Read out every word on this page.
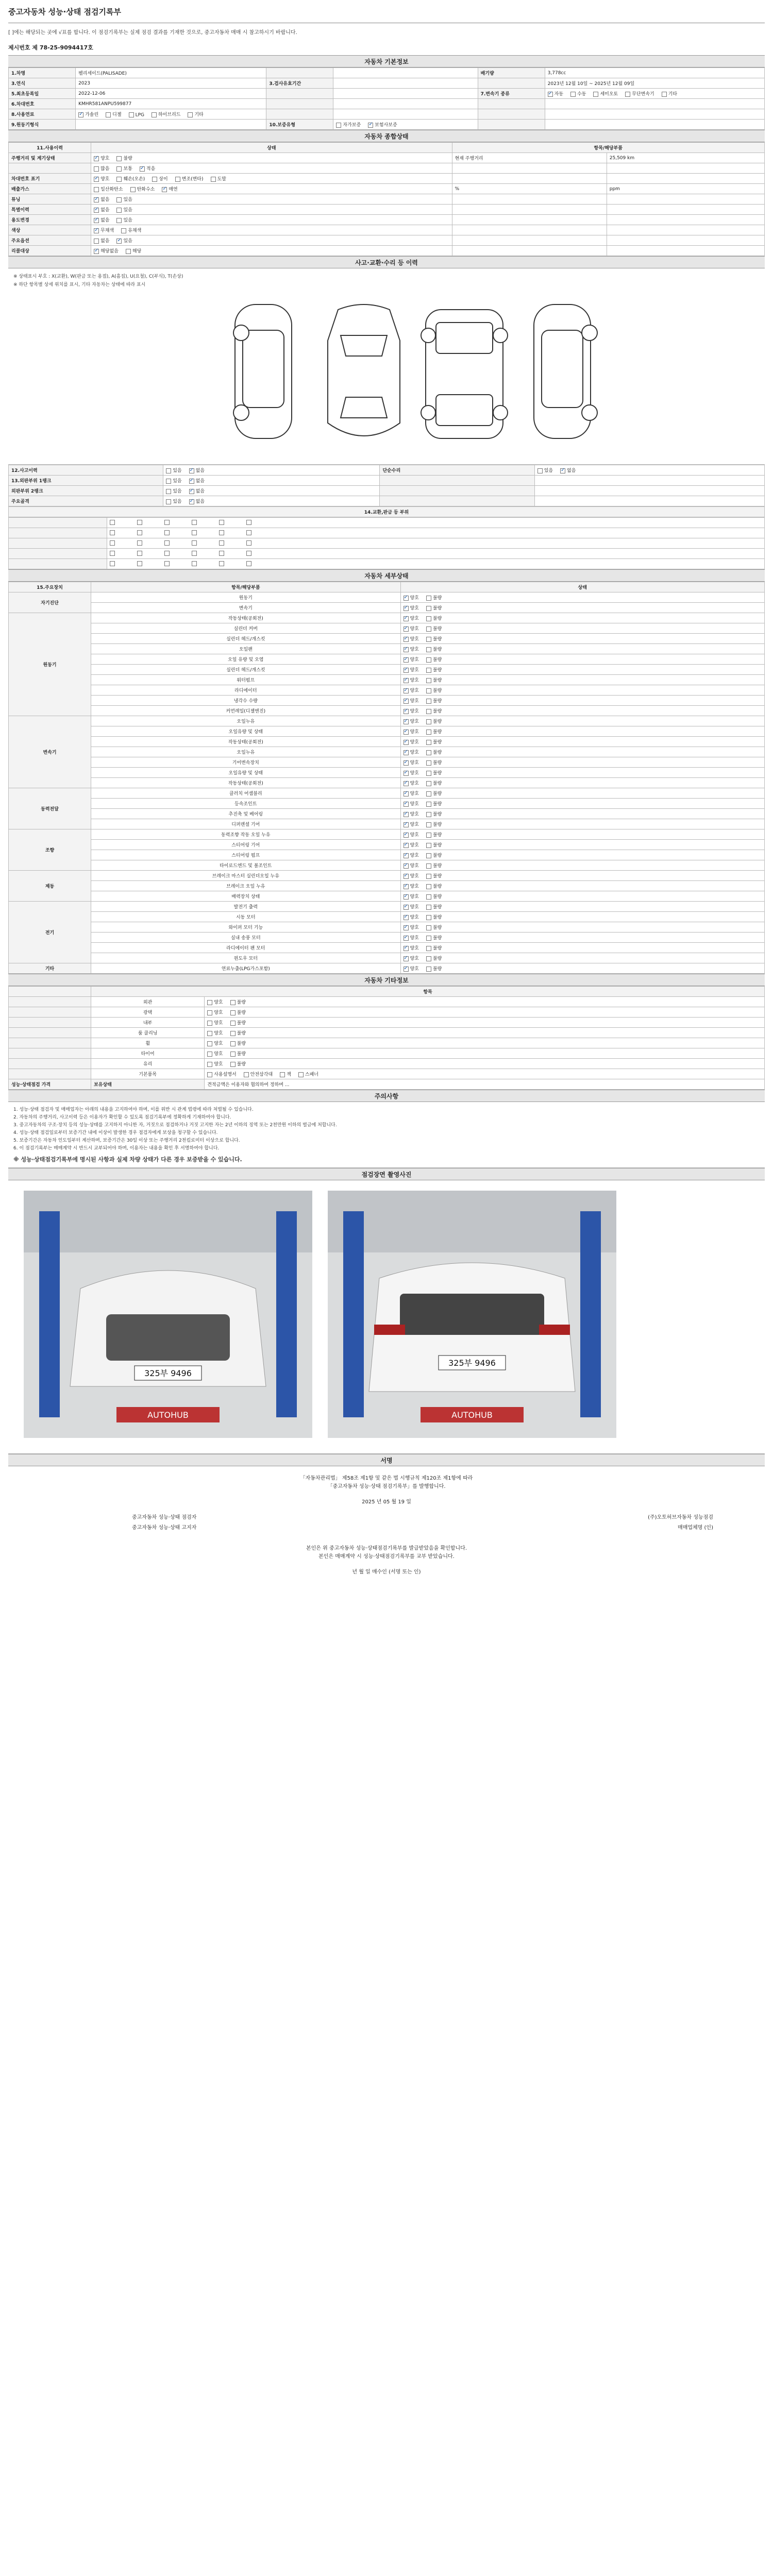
중고자동차 성능·상태 점검기록부
[ ]에는 해당되는 곳에 √표를 합니다. 이 점검기록부는 실제 점검 결과를 기재한 것으로, 중고자동차 매매 시 참고하시기 바랍니다.
제시번호 제
78-25-9094417호
자동차 기본정보
1.차명	펠리세이드(PALISADE)			배기량	3,778cc
3.연식	2023	3.검사유효기간			2023년 12월 10일 ~ 2025년 12월 09일
5.최초등록일	2022-12-06			7.변속기 종류	✓자동 수동 세미오토 무단변속기 기타
6.차대번호	KMHR581ANPU599877				
8.사용연료	✓가솔린 디젤 LPG 하이브리드 기타				
9.원동기형식		10.보증유형	자가보증 ✓ 보험사보증		
자동차 종합상태
11.사용이력	상태	항목/해당부품	
주행거리 및 계기상태	✓양호 불량	현재 주행거리	25,509 km
	많음 보통 ✓ 적음		
차대번호 표기	✓양호 훼손(오손) 상이 변조(변타) 도말		
배출가스	일산화탄소 탄화수소 ✓ 매연	%	ppm
튜닝	✓없음 있음		
특별이력	✓없음 있음		
용도변경	✓없음 있음		
색상	✓무채색 유채색		
주요옵션	없음 ✓ 있음		
리콜대상	✓해당없음 해당		
사고·교환·수리 등 이력
※ 상태표시 부호 : X(교환), W(판금 또는 용접), A(흠집), U(요철), C(부식), T(손상)
※ 하단 항목별 상세 위치를 표시, 기타 자동차는 상태에 따라 표시
12.사고이력	있음 ✓ 없음	단순수리	있음 ✓ 없음
13.외판부위 1랭크	있음 ✓ 없음		
외판부위 2랭크	있음 ✓ 없음		
주요골격	있음 ✓ 없음		
14.교환,판금 등 부위

자동차 세부상태
15.주요장치	항목/해당부품	상태
자기진단	원동기	✓양호 불량
	변속기	✓양호 불량
원동기	작동상태(공회전)	✓양호 불량
	실린더 커버	✓양호 불량
	실린더 헤드/개스킷	✓양호 불량
	오일팬	✓양호 불량
	오일 유량 및 오염	✓양호 불량
	실린더 헤드/개스킷	✓양호 불량
	워터펌프	✓양호 불량
	라디에이터	✓양호 불량
	냉각수 수량	✓양호 불량
	커먼레일(디젤엔진)	✓양호 불량
변속기	오일누유	✓양호 불량
	오일유량 및 상태	✓양호 불량
	작동상태(공회전)	✓양호 불량
	오일누유	✓양호 불량
	기어변속장치	✓양호 불량
	오일유량 및 상태	✓양호 불량
	작동상태(공회전)	✓양호 불량
동력전달	클러치 어셈블리	✓양호 불량
	등속조인트	✓양호 불량
	추진축 및 베어링	✓양호 불량
	디퍼렌셜 기어	✓양호 불량
조향	동력조향 작동 오일 누유	✓양호 불량
	스티어링 기어	✓양호 불량
	스티어링 펌프	✓양호 불량
	타이로드엔드 및 볼조인트	✓양호 불량
제동	브레이크 마스터 실린더오일 누유	✓양호 불량
	브레이크 오일 누유	✓양호 불량
	배력장치 상태	✓양호 불량
전기	발전기 출력	✓양호 불량
	시동 모터	✓양호 불량
	와이퍼 모터 기능	✓양호 불량
	실내 송풍 모터	✓양호 불량
	라디에이터 팬 모터	✓양호 불량
	윈도우 모터	✓양호 불량
기타	연료누출(LPG가스포함)	✓양호 불량
자동차 기타정보
	항목	
	외관	양호 불량
	광택	양호 불량
	내부	양호 불량
	룸 클리닝	양호 불량
	휠	양호 불량
	타이어	양호 불량
	유리	양호 불량
	기본품목	사용설명서 안전삼각대 잭 스패너
성능·상태점검 가격	보유상태	견적금액은 이용자와 협의하여 정하며 ...
주의사항

1. 성능·상태 점검자 및 매매업자는 아래의 내용을 고지하여야 하며, 이를 위반 시 관계 법령에 따라 처벌될 수 있습니다.

2. 자동차의 주행거리, 사고이력 등은 이용자가 확인할 수 있도록 점검기록부에 정확하게 기재하여야 합니다.

3. 중고자동차의 구조·장치 등의 성능·상태를 고지하지 아니한 자, 거짓으로 점검하거나 거짓 고지한 자는 2년 이하의 징역 또는 2천만원 이하의 벌금에 처합니다.

4. 성능·상태 점검일로부터 보증기간 내에 이상이 발생한 경우 점검자에게 보상을 청구할 수 있습니다.

5. 보증기간은 자동차 인도일부터 계산하며, 보증기간은 30일 이상 또는 주행거리 2천킬로미터 이상으로 합니다.

6. 이 점검기록부는 매매계약 시 반드시 교부되어야 하며, 이용자는 내용을 확인 후 서명하여야 합니다.

※ 성능·상태점검기록부에 명시된 사항과 실제 차량 상태가 다른 경우 보증받을 수 있습니다.

점검장면 촬영사진
325부 9496
AUTOHUB
325부 9496
AUTOHUB
서명
「자동차관리법」 제58조 제1항 및 같은 법 시행규칙 제120조 제1항에 따라
「중고자동차 성능·상태 점검기록부」를 발행합니다.
2025 년 05 월 19 일
중고자동차 성능·상태 점검자	(주)오토허브자동차 성능점검
중고자동차 성능·상태 고지자	매매업체명 (인)
본인은 위 중고자동차 성능·상태점검기록부를 발급받았음을 확인합니다.
본인은 매매계약 시 성능·상태점검기록부를 교부 받았습니다.
년 월 일 매수인 (서명 또는 인)
